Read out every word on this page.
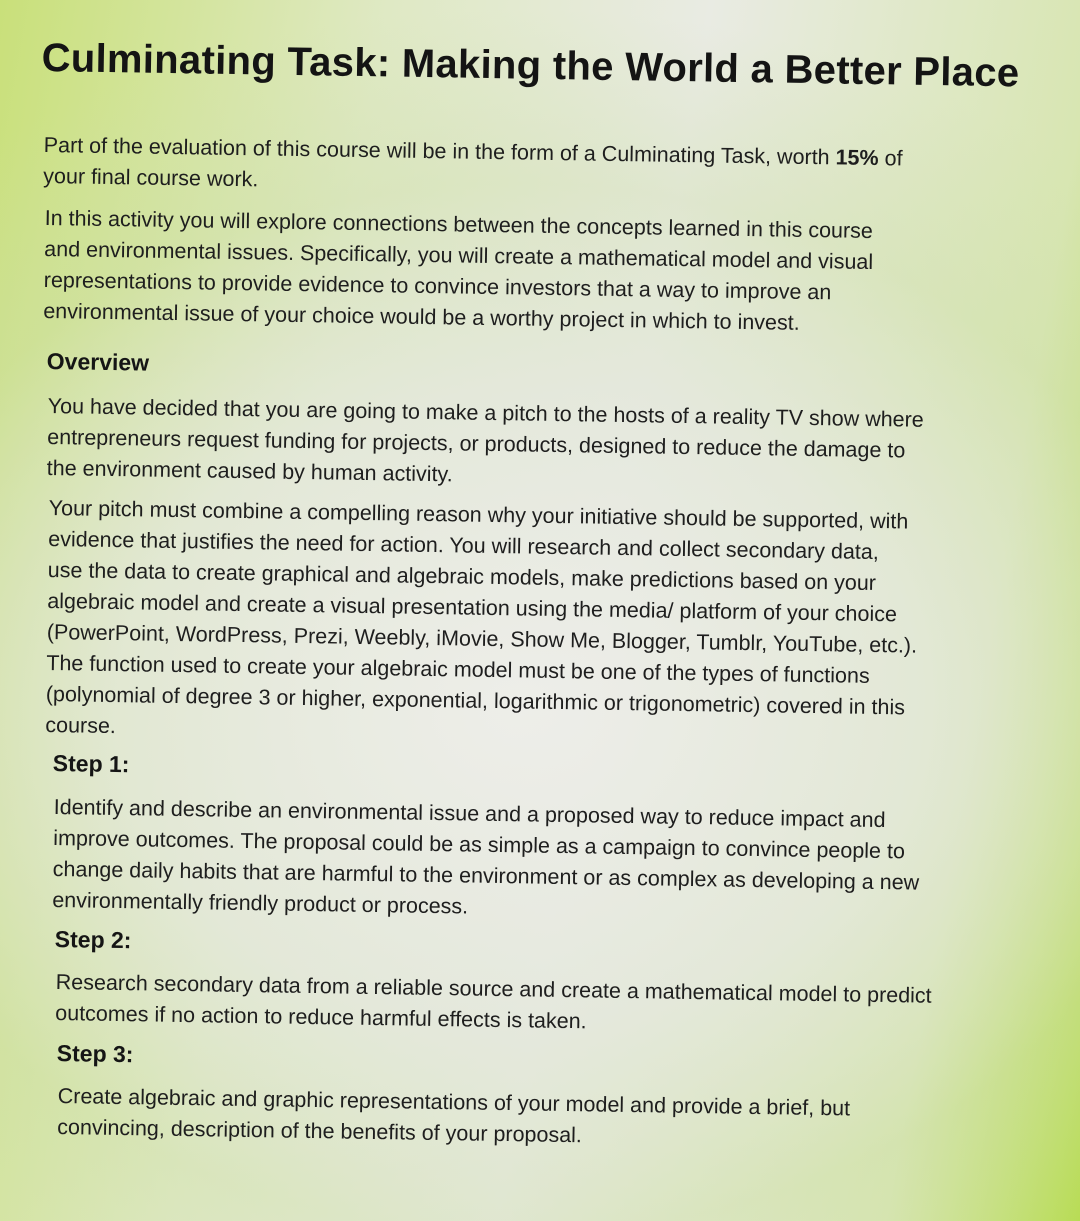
Culminating Task: Making the World a Better Place
Part of the evaluation of this course will be in the form of a Culminating Task, worth 15% of
your final course work.
In this activity you will explore connections between the concepts learned in this course
and environmental issues. Specifically, you will create a mathematical model and visual
representations to provide evidence to convince investors that a way to improve an
environmental issue of your choice would be a worthy project in which to invest.
Overview
You have decided that you are going to make a pitch to the hosts of a reality TV show where
entrepreneurs request funding for projects, or products, designed to reduce the damage to
the environment caused by human activity.
Your pitch must combine a compelling reason why your initiative should be supported, with
evidence that justifies the need for action. You will research and collect secondary data,
use the data to create graphical and algebraic models, make predictions based on your
algebraic model and create a visual presentation using the media/ platform of your choice
(PowerPoint, WordPress, Prezi, Weebly, iMovie, Show Me, Blogger, Tumblr, YouTube, etc.).
The function used to create your algebraic model must be one of the types of functions
(polynomial of degree 3 or higher, exponential, logarithmic or trigonometric) covered in this
course.
Step 1:
Identify and describe an environmental issue and a proposed way to reduce impact and
improve outcomes. The proposal could be as simple as a campaign to convince people to
change daily habits that are harmful to the environment or as complex as developing a new
environmentally friendly product or process.
Step 2:
Research secondary data from a reliable source and create a mathematical model to predict
outcomes if no action to reduce harmful effects is taken.
Step 3:
Create algebraic and graphic representations of your model and provide a brief, but
convincing, description of the benefits of your proposal.
